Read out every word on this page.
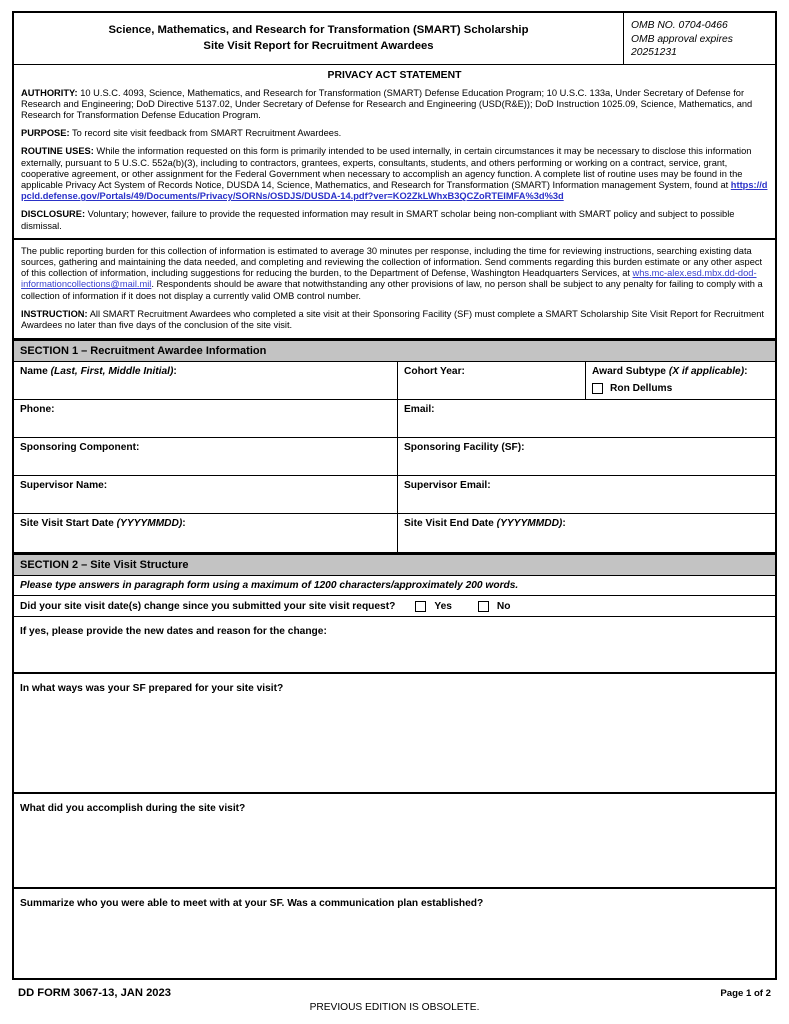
Science, Mathematics, and Research for Transformation (SMART) Scholarship
Site Visit Report for Recruitment Awardees
OMB NO. 0704-0466
OMB approval expires
20251231
PRIVACY ACT STATEMENT

AUTHORITY: 10 U.S.C. 4093, Science, Mathematics, and Research for Transformation (SMART) Defense Education Program; 10 U.S.C. 133a, Under Secretary of Defense for Research and Engineering; DoD Directive 5137.02, Under Secretary of Defense for Research and Engineering (USD(R&E)); DoD Instruction 1025.09, Science, Mathematics, and Research for Transformation Defense Education Program.

PURPOSE: To record site visit feedback from SMART Recruitment Awardees.

ROUTINE USES: While the information requested on this form is primarily intended to be used internally, in certain circumstances it may be necessary to disclose this information externally, pursuant to 5 U.S.C. 552a(b)(3), including to contractors, grantees, experts, consultants, students, and others performing or working on a contract, service, grant, cooperative agreement, or other assignment for the Federal Government when necessary to accomplish an agency function. A complete list of routine uses may be found in the applicable Privacy Act System of Records Notice, DUSDA 14, Science, Mathematics, and Research for Transformation (SMART) Information management System, found at https://dpcld.defense.gov/Portals/49/Documents/Privacy/SORNs/OSDJS/DUSDA-14.pdf?ver=KO2ZkLWhxB3QCZoRTEIMFA%3d%3d

DISCLOSURE: Voluntary; however, failure to provide the requested information may result in SMART scholar being non-compliant with SMART policy and subject to possible dismissal.

The public reporting burden for this collection of information is estimated to average 30 minutes per response, including the time for reviewing instructions, searching existing data sources, gathering and maintaining the data needed, and completing and reviewing the collection of information. Send comments regarding this burden estimate or any other aspect of this collection of information, including suggestions for reducing the burden, to the Department of Defense, Washington Headquarters Services, at whs.mc-alex.esd.mbx.dd-dod-informationcollections@mail.mil. Respondents should be aware that notwithstanding any other provisions of law, no person shall be subject to any penalty for failing to comply with a collection of information if it does not display a currently valid OMB control number.

INSTRUCTION: All SMART Recruitment Awardees who completed a site visit at their Sponsoring Facility (SF) must complete a SMART Scholarship Site Visit Report for Recruitment Awardees no later than five days of the conclusion of the site visit.

SECTION 1 – Recruitment Awardee Information
Name (Last, First, Middle Initial):	Cohort Year:	Award Subtype (X if applicable):
Ron Dellums
Phone:	Email:
Sponsoring Component:	Sponsoring Facility (SF):
Supervisor Name:	Supervisor Email:
Site Visit Start Date (YYYYMMDD):	Site Visit End Date (YYYYMMDD):
SECTION 2 – Site Visit Structure
Please type answers in paragraph form using a maximum of 1200 characters/approximately 200 words.
Did your site visit date(s) change since you submitted your site visit request?	Yes	No
If yes, please provide the new dates and reason for the change:
In what ways was your SF prepared for your site visit?
What did you accomplish during the site visit?
Summarize who you were able to meet with at your SF. Was a communication plan established?
DD FORM 3067-13, JAN 2023
PREVIOUS EDITION IS OBSOLETE.
Page 1 of 2
